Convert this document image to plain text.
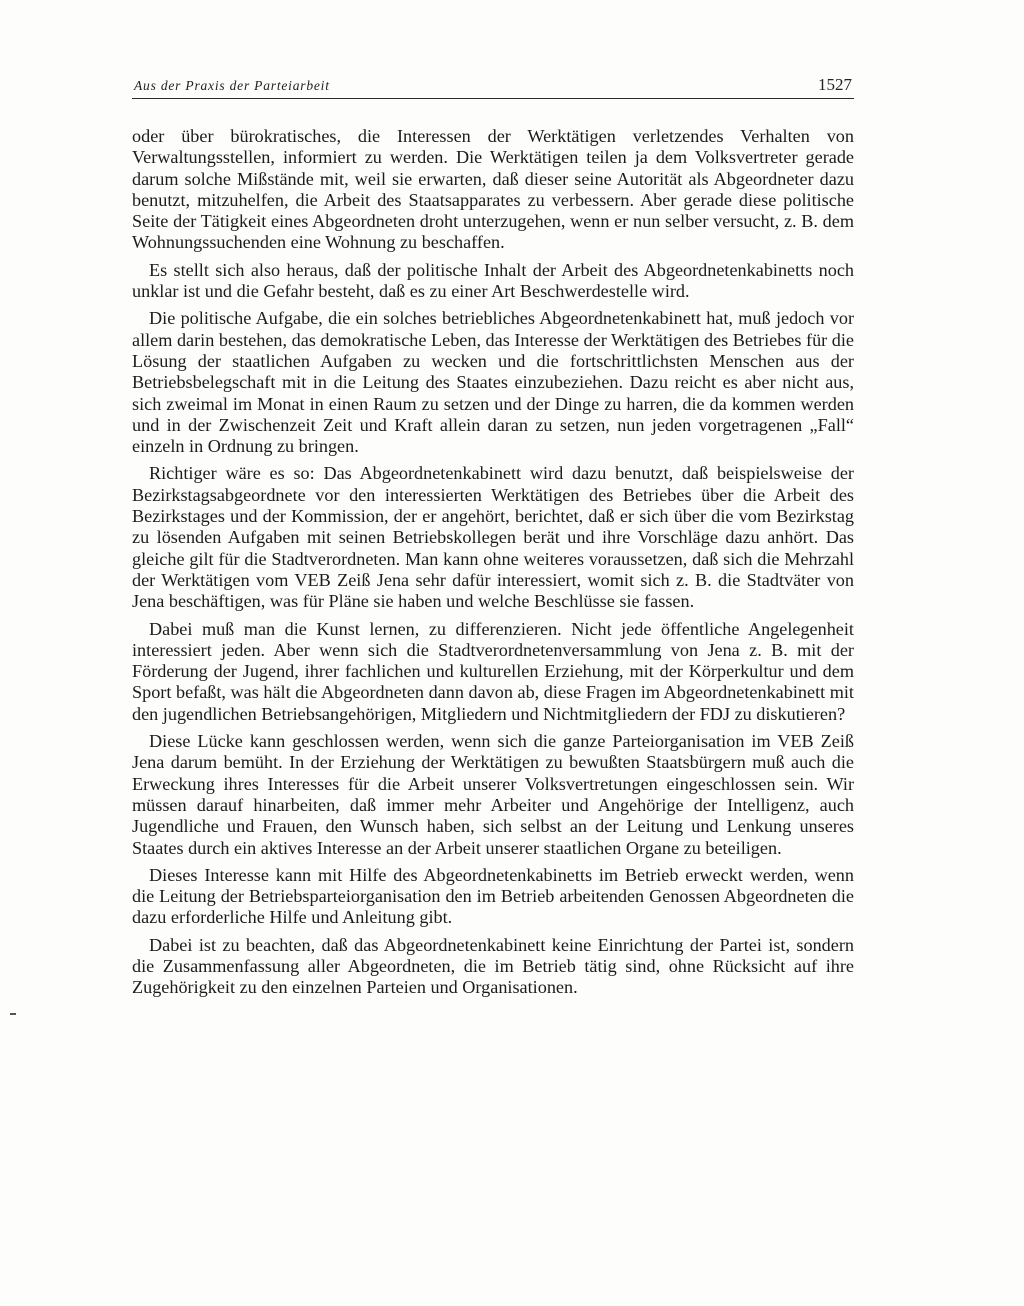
Aus der Praxis der Parteiarbeit	1527

oder über bürokratisches, die Interessen der Werktätigen verletzendes Verhalten von Verwaltungsstellen, informiert zu werden. Die Werktätigen teilen ja dem Volksvertreter gerade darum solche Mißstände mit, weil sie erwarten, daß dieser seine Autorität als Abgeordneter dazu benutzt, mitzuhelfen, die Arbeit des Staatsapparates zu verbessern. Aber gerade diese politische Seite der Tätigkeit eines Abgeordneten droht unterzugehen, wenn er nun selber versucht, z. B. dem Wohnungssuchenden eine Wohnung zu beschaffen.

Es stellt sich also heraus, daß der politische Inhalt der Arbeit des Abgeordnetenkabinetts noch unklar ist und die Gefahr besteht, daß es zu einer Art Beschwerdestelle wird.

Die politische Aufgabe, die ein solches betriebliches Abgeordnetenkabinett hat, muß jedoch vor allem darin bestehen, das demokratische Leben, das Interesse der Werktätigen des Betriebes für die Lösung der staatlichen Aufgaben zu wecken und die fortschrittlichsten Menschen aus der Betriebsbelegschaft mit in die Leitung des Staates einzubeziehen. Dazu reicht es aber nicht aus, sich zweimal im Monat in einen Raum zu setzen und der Dinge zu harren, die da kommen werden und in der Zwischenzeit Zeit und Kraft allein daran zu setzen, nun jeden vorgetragenen „Fall“ einzeln in Ordnung zu bringen.

Richtiger wäre es so: Das Abgeordnetenkabinett wird dazu benutzt, daß beispielsweise der Bezirkstagsabgeordnete vor den interessierten Werktätigen des Betriebes über die Arbeit des Bezirkstages und der Kommission, der er angehört, berichtet, daß er sich über die vom Bezirkstag zu lösenden Aufgaben mit seinen Betriebskollegen berät und ihre Vorschläge dazu anhört. Das gleiche gilt für die Stadtverordneten. Man kann ohne weiteres voraussetzen, daß sich die Mehrzahl der Werktätigen vom VEB Zeiß Jena sehr dafür interessiert, womit sich z. B. die Stadtväter von Jena beschäftigen, was für Pläne sie haben und welche Beschlüsse sie fassen.

Dabei muß man die Kunst lernen, zu differenzieren. Nicht jede öffentliche Angelegenheit interessiert jeden. Aber wenn sich die Stadtverordnetenversammlung von Jena z. B. mit der Förderung der Jugend, ihrer fachlichen und kulturellen Erziehung, mit der Körperkultur und dem Sport befaßt, was hält die Abgeordneten dann davon ab, diese Fragen im Abgeordnetenkabinett mit den jugendlichen Betriebsangehörigen, Mitgliedern und Nichtmitgliedern der FDJ zu diskutieren?

Diese Lücke kann geschlossen werden, wenn sich die ganze Parteiorganisation im VEB Zeiß Jena darum bemüht. In der Erziehung der Werktätigen zu bewußten Staatsbürgern muß auch die Erweckung ihres Interesses für die Arbeit unserer Volksvertretungen eingeschlossen sein. Wir müssen darauf hinarbeiten, daß immer mehr Arbeiter und Angehörige der Intelligenz, auch Jugendliche und Frauen, den Wunsch haben, sich selbst an der Leitung und Lenkung unseres Staates durch ein aktives Interesse an der Arbeit unserer staatlichen Organe zu beteiligen.

Dieses Interesse kann mit Hilfe des Abgeordnetenkabinetts im Betrieb erweckt werden, wenn die Leitung der Betriebsparteiorganisation den im Betrieb arbeitenden Genossen Abgeordneten die dazu erforderliche Hilfe und Anleitung gibt.

Dabei ist zu beachten, daß das Abgeordnetenkabinett keine Einrichtung der Partei ist, sondern die Zusammenfassung aller Abgeordneten, die im Betrieb tätig sind, ohne Rücksicht auf ihre Zugehörigkeit zu den einzelnen Parteien und Organisationen.
